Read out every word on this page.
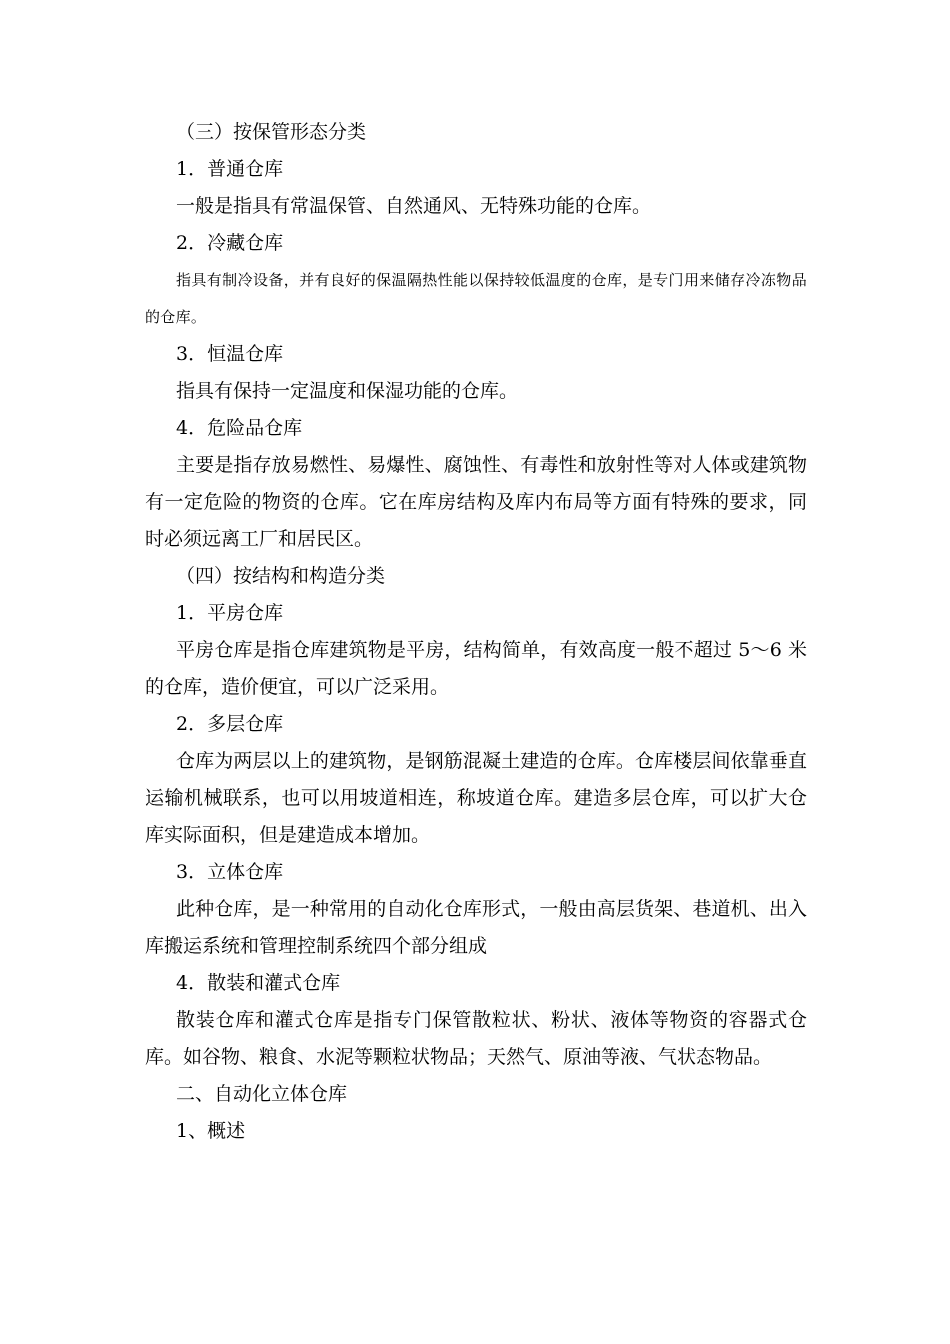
（三）按保管形态分类

1．普通仓库

一般是指具有常温保管、自然通风、无特殊功能的仓库。

2．冷藏仓库

指具有制冷设备，并有良好的保温隔热性能以保持较低温度的仓库，是专门用来储存冷冻物品的仓库。

3．恒温仓库

指具有保持一定温度和保湿功能的仓库。

4．危险品仓库

主要是指存放易燃性、易爆性、腐蚀性、有毒性和放射性等对人体或建筑物有一定危险的物资的仓库。它在库房结构及库内布局等方面有特殊的要求，同时必须远离工厂和居民区。

（四）按结构和构造分类

1．平房仓库

平房仓库是指仓库建筑物是平房，结构简单，有效高度一般不超过 5～6 米的仓库，造价便宜，可以广泛采用。

2．多层仓库

仓库为两层以上的建筑物，是钢筋混凝土建造的仓库。仓库楼层间依靠垂直运输机械联系，也可以用坡道相连，称坡道仓库。建造多层仓库，可以扩大仓库实际面积，但是建造成本增加。

3．立体仓库

此种仓库，是一种常用的自动化仓库形式，一般由高层货架、巷道机、出入库搬运系统和管理控制系统四个部分组成

4．散装和灌式仓库

散装仓库和灌式仓库是指专门保管散粒状、粉状、液体等物资的容器式仓库。如谷物、粮食、水泥等颗粒状物品；天然气、原油等液、气状态物品。

二、自动化立体仓库

1、概述
